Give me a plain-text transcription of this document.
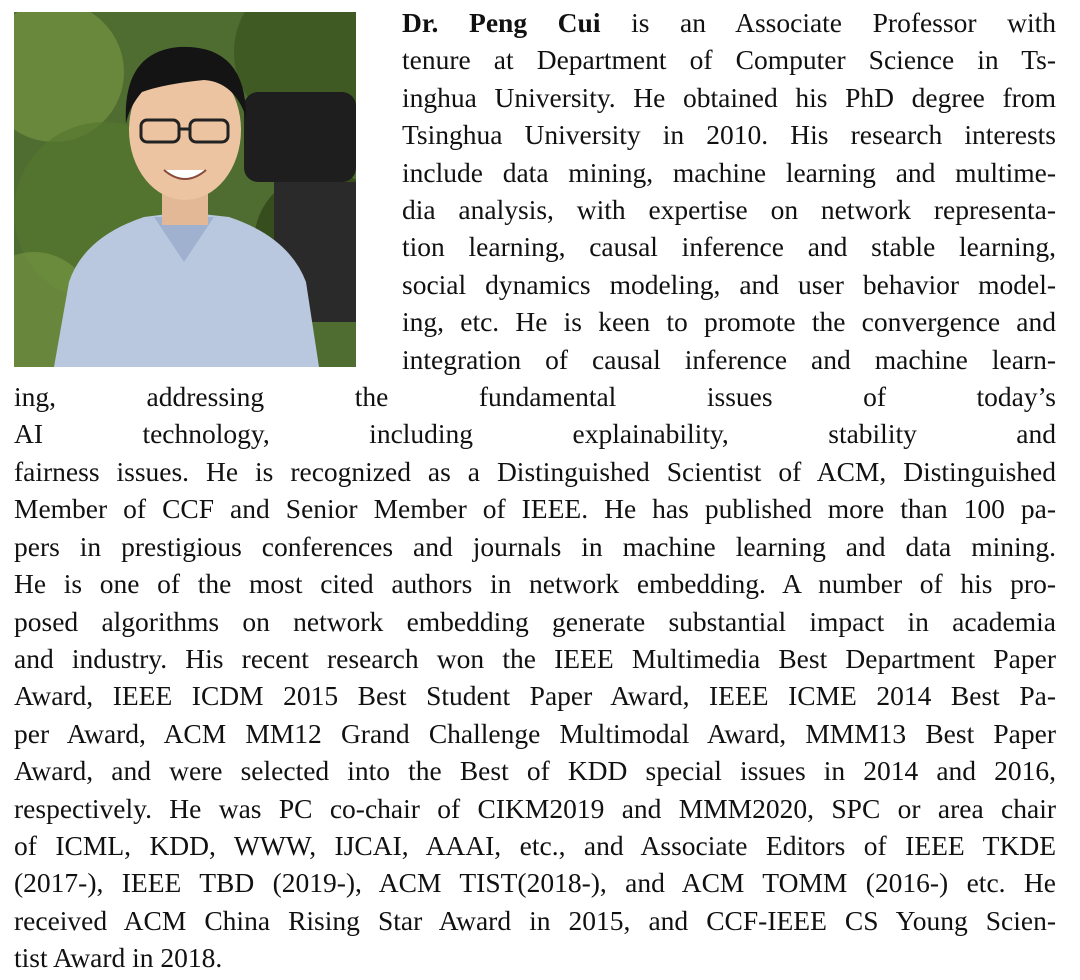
Dr. Peng Cui is an Associate Professor with
tenure at Department of Computer Science in Ts-
inghua University. He obtained his PhD degree from
Tsinghua University in 2010. His research interests
include data mining, machine learning and multime-
dia analysis, with expertise on network representa-
tion learning, causal inference and stable learning,
social dynamics modeling, and user behavior model-
ing, etc. He is keen to promote the convergence and
integration of causal inference and machine learn-
ing, addressing the fundamental issues of today’s
AI technology, including explainability, stability and
fairness issues. He is recognized as a Distinguished Scientist of ACM, Distinguished
Member of CCF and Senior Member of IEEE. He has published more than 100 pa-
pers in prestigious conferences and journals in machine learning and data mining.
He is one of the most cited authors in network embedding. A number of his pro-
posed algorithms on network embedding generate substantial impact in academia
and industry. His recent research won the IEEE Multimedia Best Department Paper
Award, IEEE ICDM 2015 Best Student Paper Award, IEEE ICME 2014 Best Pa-
per Award, ACM MM12 Grand Challenge Multimodal Award, MMM13 Best Paper
Award, and were selected into the Best of KDD special issues in 2014 and 2016,
respectively. He was PC co-chair of CIKM2019 and MMM2020, SPC or area chair
of ICML, KDD, WWW, IJCAI, AAAI, etc., and Associate Editors of IEEE TKDE
(2017-), IEEE TBD (2019-), ACM TIST(2018-), and ACM TOMM (2016-) etc. He
received ACM China Rising Star Award in 2015, and CCF-IEEE CS Young Scien-
tist Award in 2018.
